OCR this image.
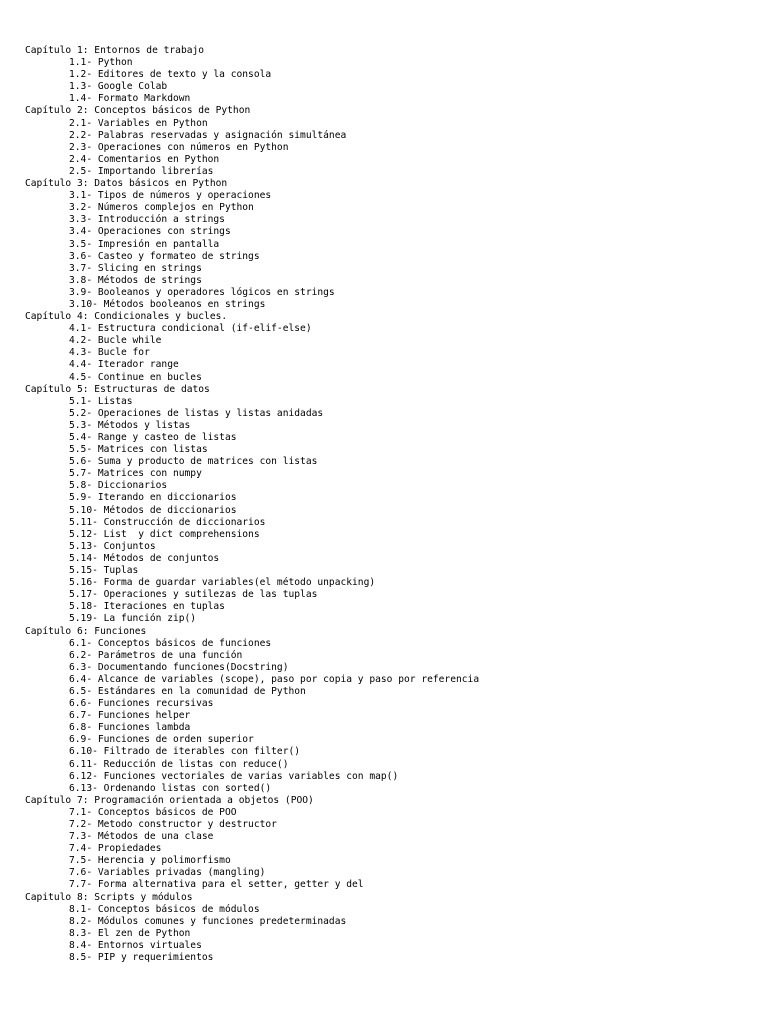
Capítulo 1: Entornos de trabajo
1.1- Python
1.2- Editores de texto y la consola
1.3- Google Colab
1.4- Formato Markdown
Capítulo 2: Conceptos básicos de Python
2.1- Variables en Python
2.2- Palabras reservadas y asignación simultánea
2.3- Operaciones con números en Python
2.4- Comentarios en Python
2.5- Importando librerías
Capítulo 3: Datos básicos en Python
3.1- Tipos de números y operaciones
3.2- Números complejos en Python
3.3- Introducción a strings
3.4- Operaciones con strings
3.5- Impresión en pantalla
3.6- Casteo y formateo de strings
3.7- Slicing en strings
3.8- Métodos de strings
3.9- Booleanos y operadores lógicos en strings
3.10- Métodos booleanos en strings
Capítulo 4: Condicionales y bucles.
4.1- Estructura condicional (if-elif-else)
4.2- Bucle while
4.3- Bucle for
4.4- Iterador range
4.5- Continue en bucles
Capítulo 5: Estructuras de datos
5.1- Listas
5.2- Operaciones de listas y listas anidadas
5.3- Métodos y listas
5.4- Range y casteo de listas
5.5- Matrices con listas
5.6- Suma y producto de matrices con listas
5.7- Matrices con numpy
5.8- Diccionarios
5.9- Iterando en diccionarios
5.10- Métodos de diccionarios
5.11- Construcción de diccionarios
5.12- List  y dict comprehensions
5.13- Conjuntos
5.14- Métodos de conjuntos
5.15- Tuplas
5.16- Forma de guardar variables(el método unpacking)
5.17- Operaciones y sutilezas de las tuplas
5.18- Iteraciones en tuplas
5.19- La función zip()
Capítulo 6: Funciones
6.1- Conceptos básicos de funciones
6.2- Parámetros de una función
6.3- Documentando funciones(Docstring)
6.4- Alcance de variables (scope), paso por copia y paso por referencia
6.5- Estándares en la comunidad de Python
6.6- Funciones recursivas
6.7- Funciones helper
6.8- Funciones lambda
6.9- Funciones de orden superior
6.10- Filtrado de iterables con filter()
6.11- Reducción de listas con reduce()
6.12- Funciones vectoriales de varias variables con map()
6.13- Ordenando listas con sorted()
Capítulo 7: Programación orientada a objetos (POO)
7.1- Conceptos básicos de POO
7.2- Metodo constructor y destructor
7.3- Métodos de una clase
7.4- Propiedades
7.5- Herencia y polimorfismo
7.6- Variables privadas (mangling)
7.7- Forma alternativa para el setter, getter y del
Capitulo 8: Scripts y módulos
8.1- Conceptos básicos de módulos
8.2- Módulos comunes y funciones predeterminadas
8.3- El zen de Python
8.4- Entornos virtuales
8.5- PIP y requerimientos
